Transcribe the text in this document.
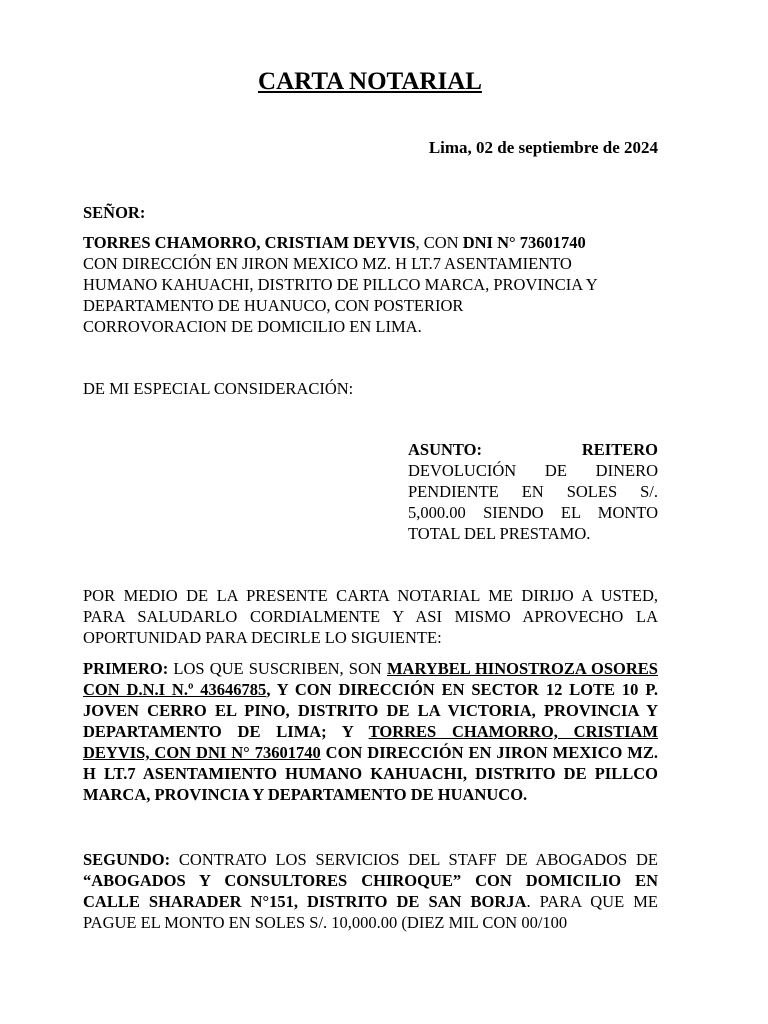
CARTA NOTARIAL
Lima, 02 de septiembre de 2024
SEÑOR:
TORRES CHAMORRO, CRISTIAM DEYVIS, CON DNI N° 73601740
CON DIRECCIÓN EN JIRON MEXICO MZ. H LT.7 ASENTAMIENTO
HUMANO KAHUACHI, DISTRITO DE PILLCO MARCA, PROVINCIA Y
DEPARTAMENTO DE HUANUCO, CON POSTERIOR
CORROVORACION DE DOMICILIO EN LIMA.
DE MI ESPECIAL CONSIDERACIÓN:
ASUNTO:	REITERO
DEVOLUCIÓN DE DINERO PENDIENTE EN SOLES S/. 5,000.00 SIENDO EL MONTO TOTAL DEL PRESTAMO.
POR MEDIO DE LA PRESENTE CARTA NOTARIAL ME DIRIJO A USTED, PARA SALUDARLO CORDIALMENTE Y ASI MISMO APROVECHO LA OPORTUNIDAD PARA DECIRLE LO SIGUIENTE:
PRIMERO: LOS QUE SUSCRIBEN, SON MARYBEL HINOSTROZA OSORES CON D.N.I N.º 43646785, Y CON DIRECCIÓN EN SECTOR 12 LOTE 10 P. JOVEN CERRO EL PINO, DISTRITO DE LA VICTORIA, PROVINCIA Y DEPARTAMENTO DE LIMA; Y TORRES CHAMORRO, CRISTIAM DEYVIS, CON DNI N° 73601740 CON DIRECCIÓN EN JIRON MEXICO MZ. H LT.7 ASENTAMIENTO HUMANO KAHUACHI, DISTRITO DE PILLCO MARCA, PROVINCIA Y DEPARTAMENTO DE HUANUCO.
SEGUNDO: CONTRATO LOS SERVICIOS DEL STAFF DE ABOGADOS DE “ABOGADOS Y CONSULTORES CHIROQUE” CON DOMICILIO EN CALLE SHARADER N°151, DISTRITO DE SAN BORJA. PARA QUE ME PAGUE EL MONTO EN SOLES S/. 10,000.00 (DIEZ MIL CON 00/100
